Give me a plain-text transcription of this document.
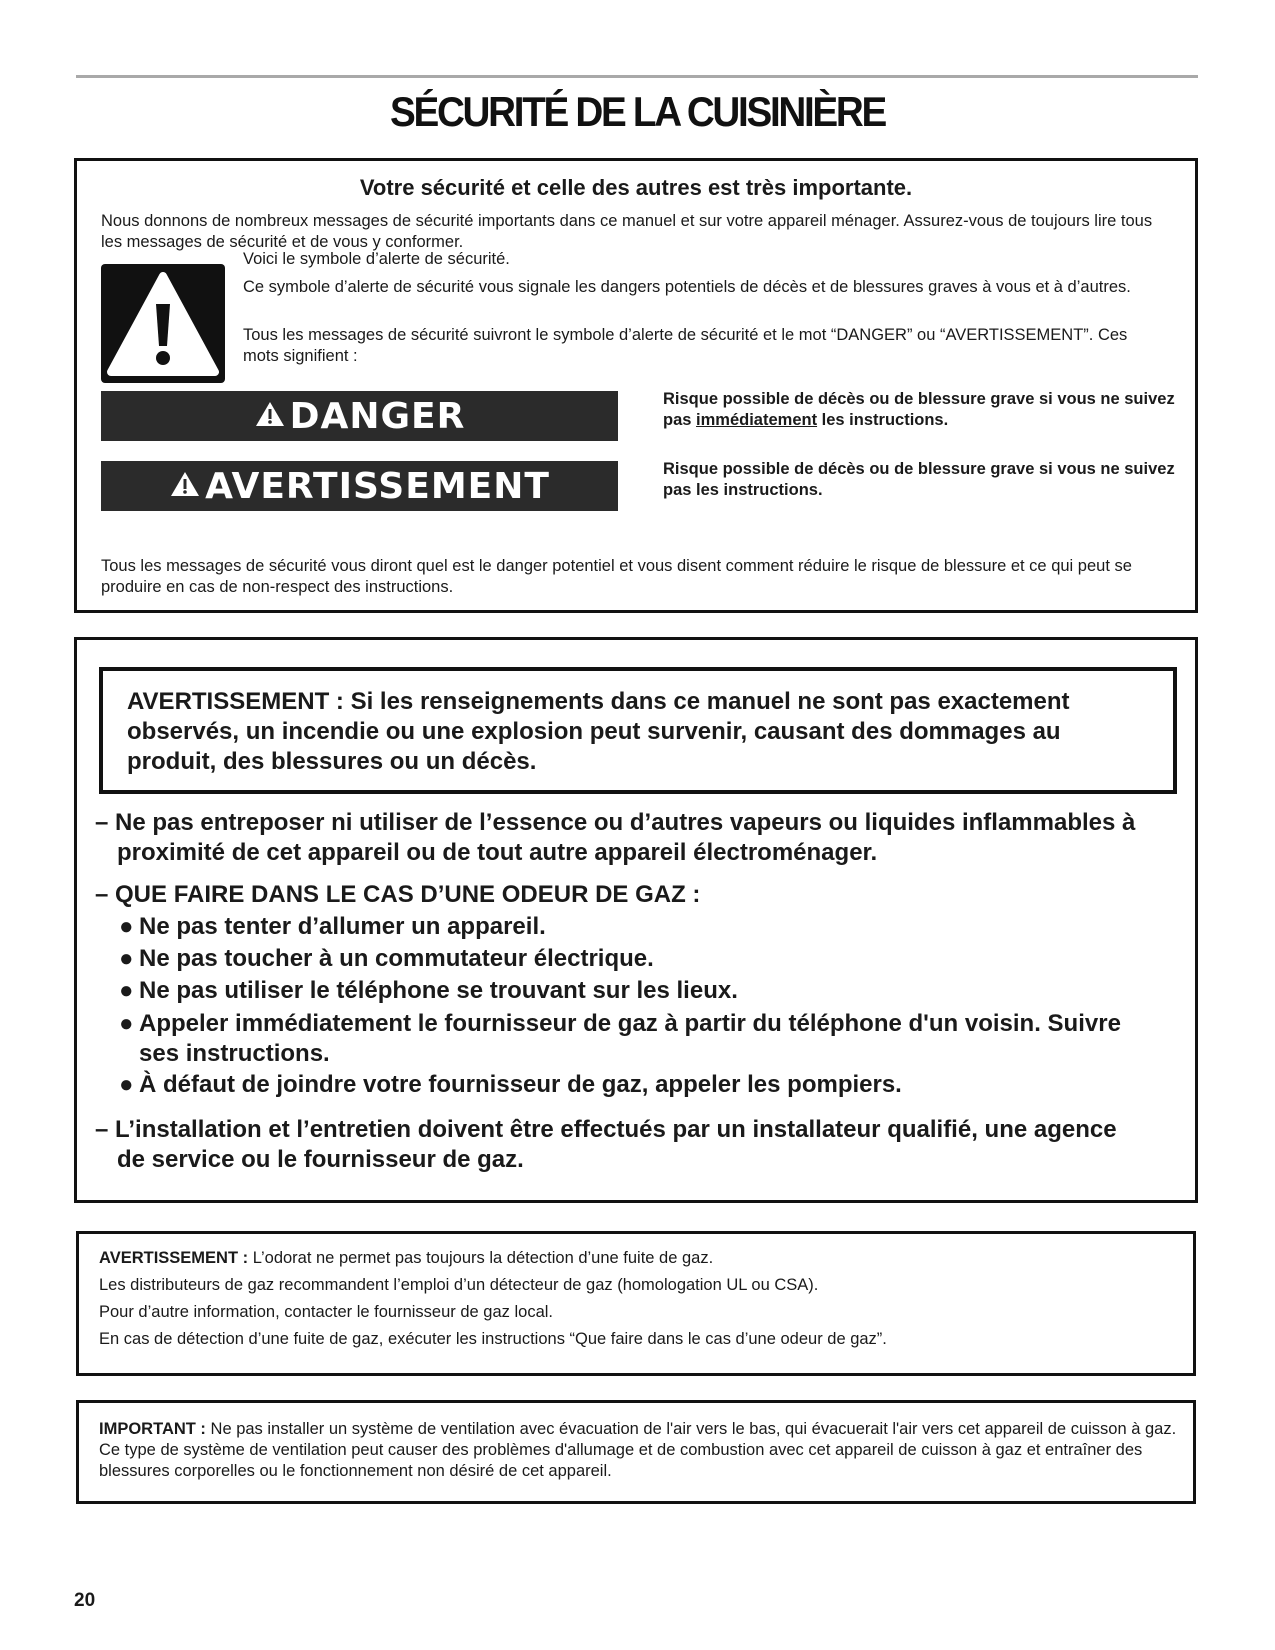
SÉCURITÉ DE LA CUISINIÈRE
Votre sécurité et celle des autres est très importante.
Nous donnons de nombreux messages de sécurité importants dans ce manuel et sur votre appareil ménager. Assurez-vous de toujours lire tous les messages de sécurité et de vous y conformer.
Voici le symbole d’alerte de sécurité.
Ce symbole d’alerte de sécurité vous signale les dangers potentiels de décès et de blessures graves à vous et à d’autres.
Tous les messages de sécurité suivront le symbole d’alerte de sécurité et le mot “DANGER” ou “AVERTISSEMENT”. Ces mots signifient :
DANGER	Risque possible de décès ou de blessure grave si vous ne suivez pas immédiatement les instructions.
AVERTISSEMENT	Risque possible de décès ou de blessure grave si vous ne suivez pas les instructions.
Tous les messages de sécurité vous diront quel est le danger potentiel et vous disent comment réduire le risque de blessure et ce qui peut se produire en cas de non-respect des instructions.
AVERTISSEMENT : Si les renseignements dans ce manuel ne sont pas exactement observés, un incendie ou une explosion peut survenir, causant des dommages au produit, des blessures ou un décès.
– Ne pas entreposer ni utiliser de l’essence ou d’autres vapeurs ou liquides inflammables à proximité de cet appareil ou de tout autre appareil électroménager.
– QUE FAIRE DANS LE CAS D’UNE ODEUR DE GAZ :
● Ne pas tenter d’allumer un appareil.
● Ne pas toucher à un commutateur électrique.
● Ne pas utiliser le téléphone se trouvant sur les lieux.
● Appeler immédiatement le fournisseur de gaz à partir du téléphone d'un voisin. Suivre ses instructions.
● À défaut de joindre votre fournisseur de gaz, appeler les pompiers.
– L’installation et l’entretien doivent être effectués par un installateur qualifié, une agence de service ou le fournisseur de gaz.
AVERTISSEMENT : L’odorat ne permet pas toujours la détection d’une fuite de gaz.
Les distributeurs de gaz recommandent l’emploi d’un détecteur de gaz (homologation UL ou CSA).
Pour d’autre information, contacter le fournisseur de gaz local.
En cas de détection d’une fuite de gaz, exécuter les instructions “Que faire dans le cas d’une odeur de gaz”.
IMPORTANT : Ne pas installer un système de ventilation avec évacuation de l'air vers le bas, qui évacuerait l'air vers cet appareil de cuisson à gaz. Ce type de système de ventilation peut causer des problèmes d'allumage et de combustion avec cet appareil de cuisson à gaz et entraîner des blessures corporelles ou le fonctionnement non désiré de cet appareil.
20
